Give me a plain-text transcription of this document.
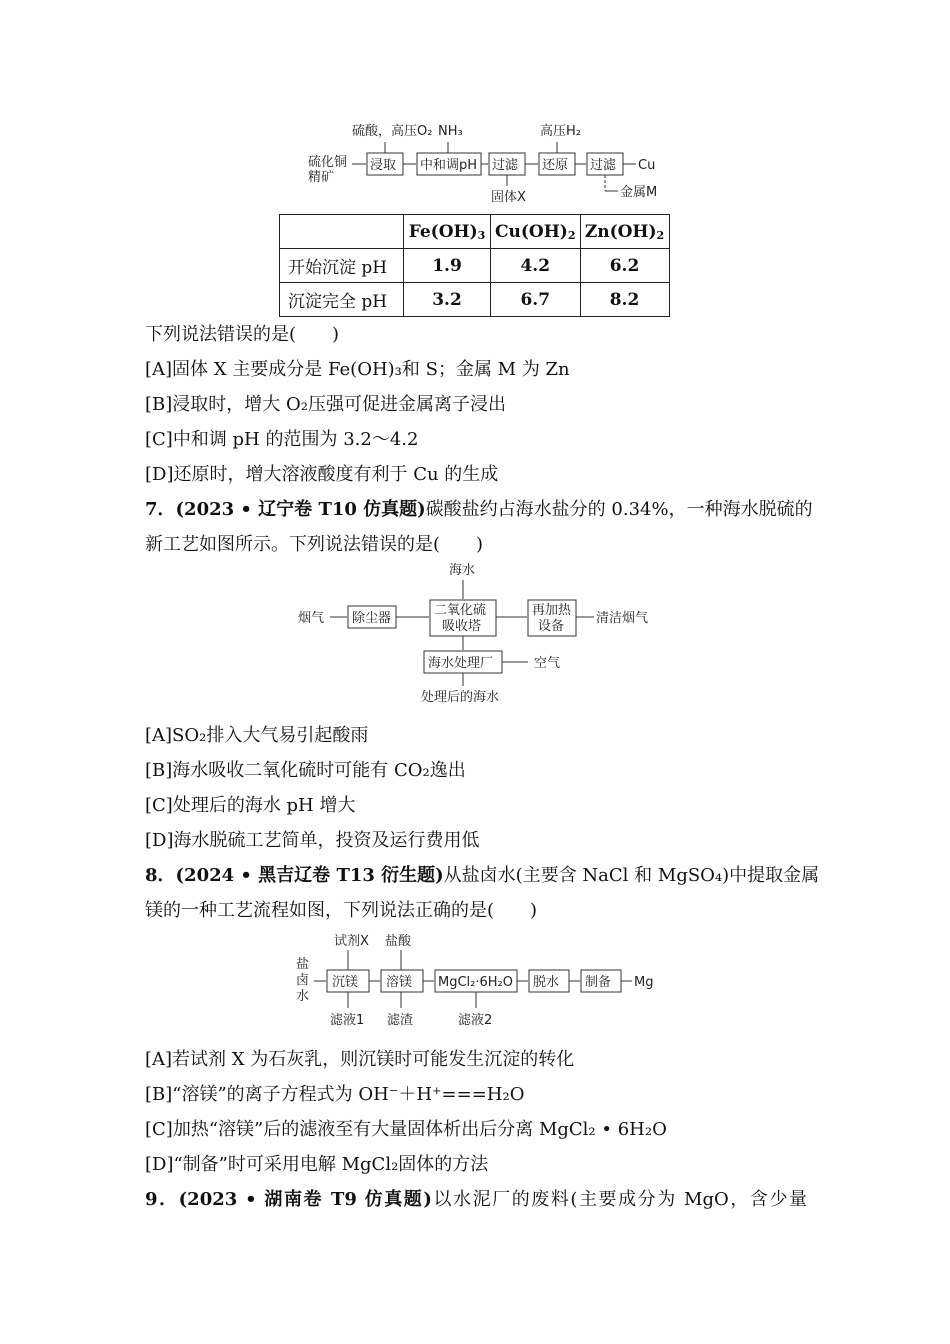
硫化铜
精矿
浸取
硫酸，高压O₂
中和调pH
NH₃
过滤
固体X
还原
高压H₂
过滤 Cu
金属M
	$Fe(OH)_3$	$Cu(OH)_2$	$Zn(OH)_2$
开始沉淀 pH	1.9	4.2	6.2
沉淀完全 pH	3.2	6.7	8.2
下列说法错误的是(　　)
[A]固体 X 主要成分是 Fe(OH)₃和 S；金属 M 为 Zn
[B]浸取时，增大 O₂压强可促进金属离子浸出
[C]中和调 pH 的范围为 3.2～4.2
[D]还原时，增大溶液酸度有利于 Cu 的生成
7．(2023 • 辽宁卷 T10 仿真题)碳酸盐约占海水盐分的 0.34%，一种海水脱硫的
新工艺如图所示。下列说法错误的是(　　)
海水
烟气 除尘器
二氧化硫
吸收塔
再加热
设备
清洁烟气
海水处理厂	空气
处理后的海水
[A]SO₂排入大气易引起酸雨
[B]海水吸收二氧化硫时可能有 CO₂逸出
[C]处理后的海水 pH 增大
[D]海水脱硫工艺简单，投资及运行费用低
8．(2024 • 黑吉辽卷 T13 衍生题)从盐卤水(主要含 NaCl 和 MgSO₄)中提取金属
镁的一种工艺流程如图，下列说法正确的是(　　)
试剂X 盐酸
盐
卤
水
沉镁
滤液1
溶镁
滤渣
MgCl₂·6H₂O
滤液2
脱水 制备 Mg
[A]若试剂 X 为石灰乳，则沉镁时可能发生沉淀的转化
[B]“溶镁”的离子方程式为 OH⁻＋H⁺===H₂O
[C]加热“溶镁”后的滤液至有大量固体析出后分离 MgCl₂ • 6H₂O
[D]“制备”时可采用电解 MgCl₂固体的方法
9．(2023 • 湖南卷 T9 仿真题)以水泥厂的废料(主要成分为 MgO，含少量
